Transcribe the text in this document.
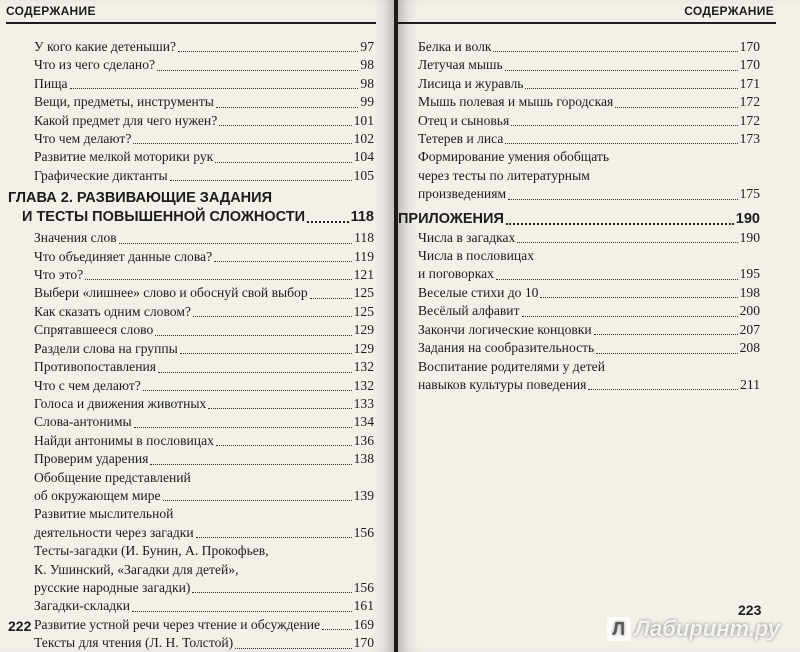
СОДЕРЖАНИЕ
У кого какие детеныши?	97
Что из чего сделано?	98
Пища	98
Вещи, предметы, инструменты	99
Какой предмет для чего нужен?	101
Что чем делают?	102
Развитие мелкой моторики рук	104
Графические диктанты	105
ГЛАВА 2. РАЗВИВАЮЩИЕ ЗАДАНИЯ
И ТЕСТЫ ПОВЫШЕННОЙ СЛОЖНОСТИ	118
Значения слов	118
Что объединяет данные слова?	119
Что это?	121
Выбери «лишнее» слово и обоснуй свой выбор	125
Как сказать одним словом?	125
Спрятавшееся слово	129
Раздели слова на группы	129
Противопоставления	132
Что с чем делают?	132
Голоса и движения животных	133
Слова-антонимы	134
Найди антонимы в пословицах	136
Проверим ударения	138
Обобщение представлений
об окружающем мире	139
Развитие мыслительной
деятельности через загадки	156
Тесты-загадки (И. Бунин, А. Прокофьев,
К. Ушинский, «Загадки для детей»,
русские народные загадки)	156
Загадки-складки	161
Развитие устной речи через чтение и обсуждение 169
Тексты для чтения (Л. Н. Толстой)	170
222
СОДЕРЖАНИЕ
Белка и волк	170
Летучая мышь	170
Лисица и журавль	171
Мышь полевая и мышь городская	172
Отец и сыновья	172
Тетерев и лиса	173
Формирование умения обобщать
через тесты по литературным
произведениям	175
ПРИЛОЖЕНИЯ	190
Числа в загадках	190
Числа в пословицах
и поговорках	195
Веселые стихи до 10	198
Весёлый алфавит	200
Закончи логические концовки	207
Задания на сообразительность	208
Воспитание родителями у детей
навыков культуры поведения	211
223
Л Лабиринт.ру
